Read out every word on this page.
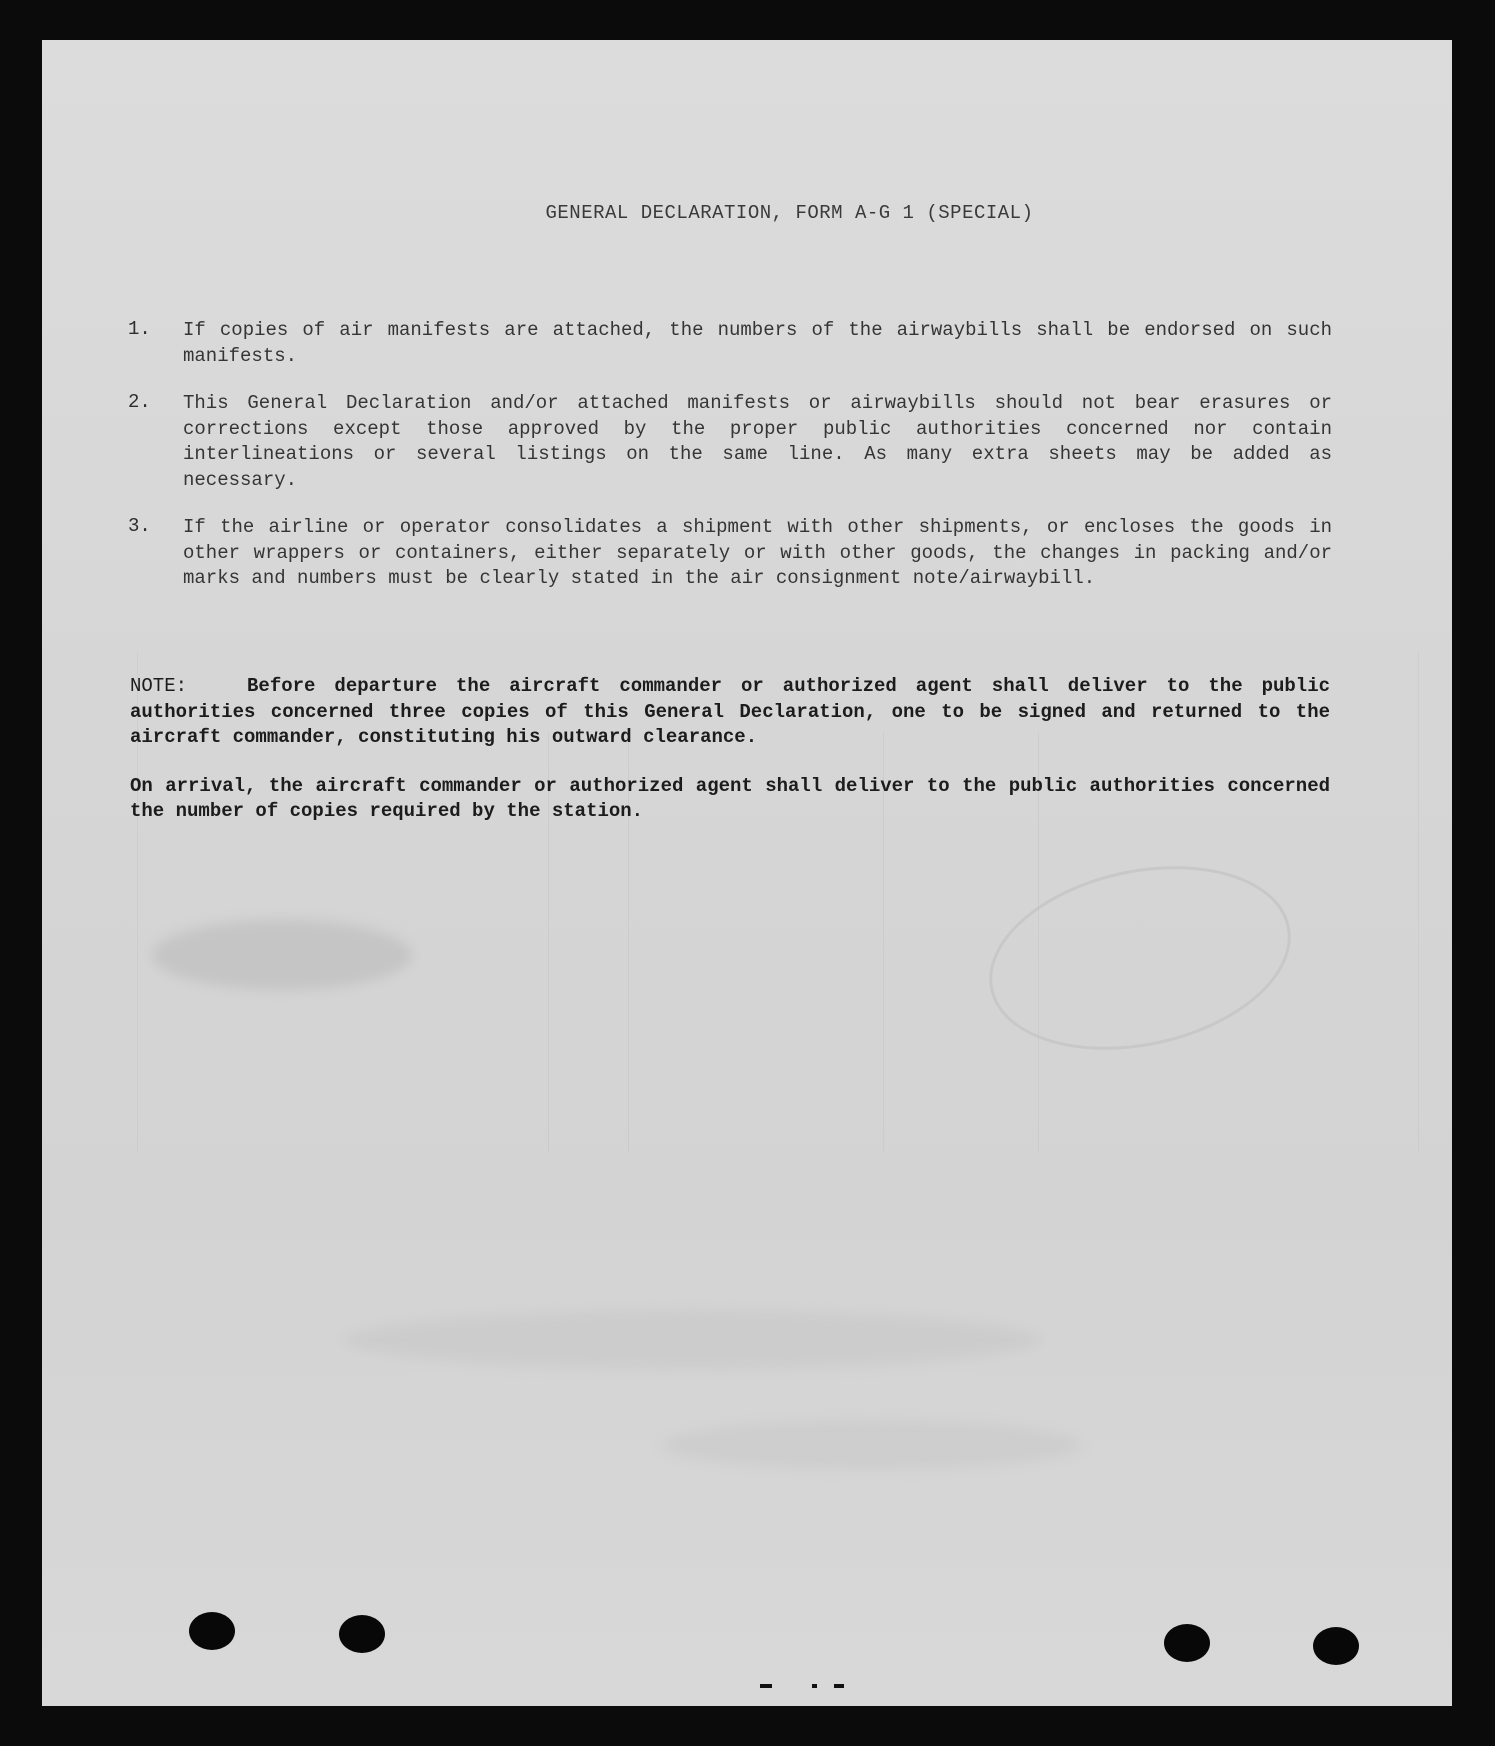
GENERAL DECLARATION, FORM A-G 1 (SPECIAL)
1. If copies of air manifests are attached, the numbers of the airwaybills shall be endorsed on such manifests.
2. This General Declaration and/or attached manifests or airwaybills should not bear erasures or corrections except those approved by the proper public authorities concerned nor contain interlineations or several listings on the same line. As many extra sheets may be added as necessary.
3. If the airline or operator consolidates a shipment with other shipments, or encloses the goods in other wrappers or containers, either separately or with other goods, the changes in packing and/or marks and numbers must be clearly stated in the air consignment note/airwaybill.

NOTE:	Before departure the aircraft commander or authorized agent shall deliver to the public authorities concerned three copies of this General Declaration, one to be signed and returned to the aircraft commander, constituting his outward clearance.

On arrival, the aircraft commander or authorized agent shall deliver to the public authorities concerned the number of copies required by the station.
